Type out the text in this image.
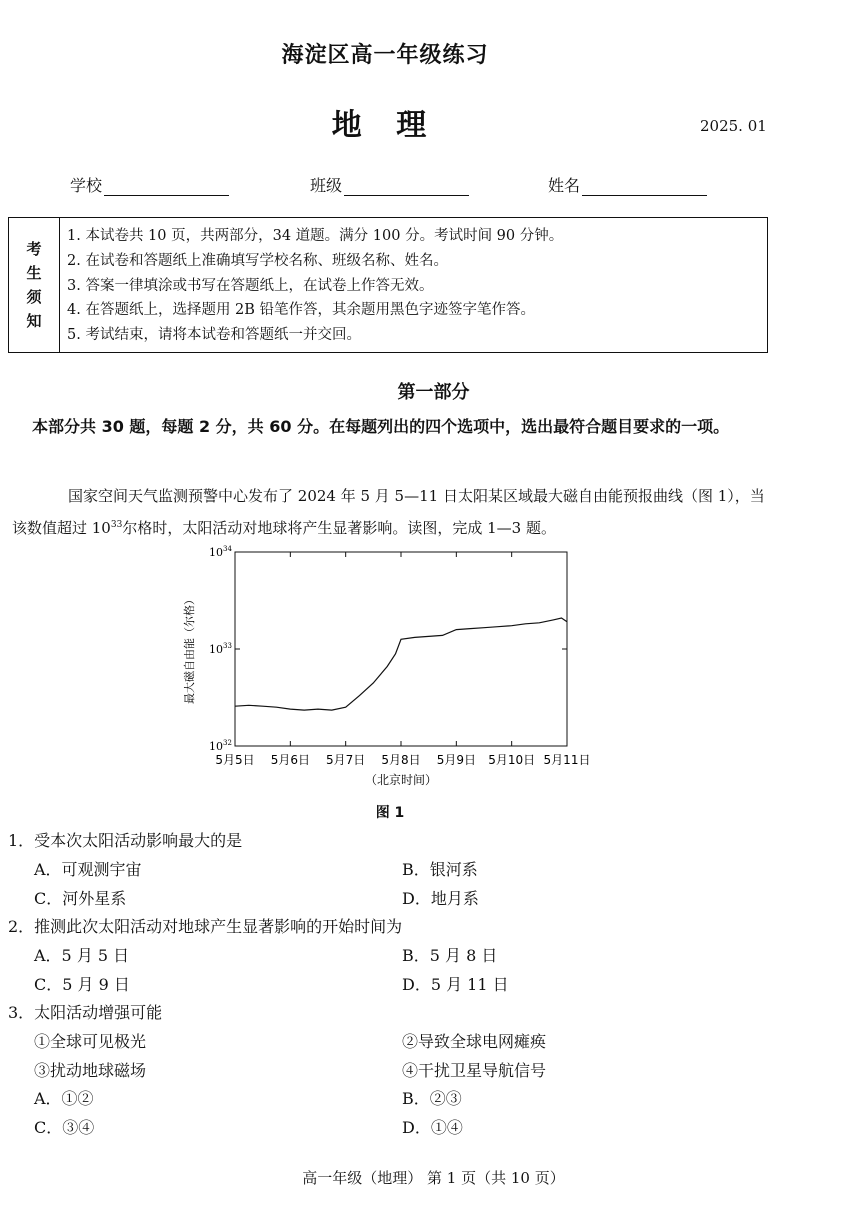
海淀区高一年级练习
地 理	2025. 01
学校	班级	姓名
考
生
须
知
1. 本试卷共 10 页，共两部分，34 道题。满分 100 分。考试时间 90 分钟。
2. 在试卷和答题纸上准确填写学校名称、班级名称、姓名。
3. 答案一律填涂或书写在答题纸上，在试卷上作答无效。
4. 在答题纸上，选择题用 2B 铅笔作答，其余题用黑色字迹签字笔作答。
5. 考试结束，请将本试卷和答题纸一并交回。
第一部分
本部分共 30 题，每题 2 分，共 60 分。在每题列出的四个选项中，选出最符合题目要求的一项。
国家空间天气监测预警中心发布了 2024 年 5 月 5—11 日太阳某区域最大磁自由能预报曲线（图 1），当该数值超过 $10^{33}$尔格时，太阳活动对地球将产生显著影响。读图，完成 1—3 题。
$10^{32}$
$10^{33}$
$10^{34}$
5月5日 5月6日 5月7日 5月8日 5月9日 5月10日 5月11日
最大磁自由能（尔格）
（北京时间）
图 1
1．受本次太阳活动影响最大的是
A．可观测宇宙	B．银河系
C．河外星系	D．地月系
2．推测此次太阳活动对地球产生显著影响的开始时间为
A．5 月 5 日	B．5 月 8 日
C．5 月 9 日	D．5 月 11 日
3．太阳活动增强可能
①全球可见极光	②导致全球电网瘫痪
③扰动地球磁场	④干扰卫星导航信号
A．①②	B．②③
C．③④	D．①④
高一年级（地理） 第 1 页（共 10 页）
